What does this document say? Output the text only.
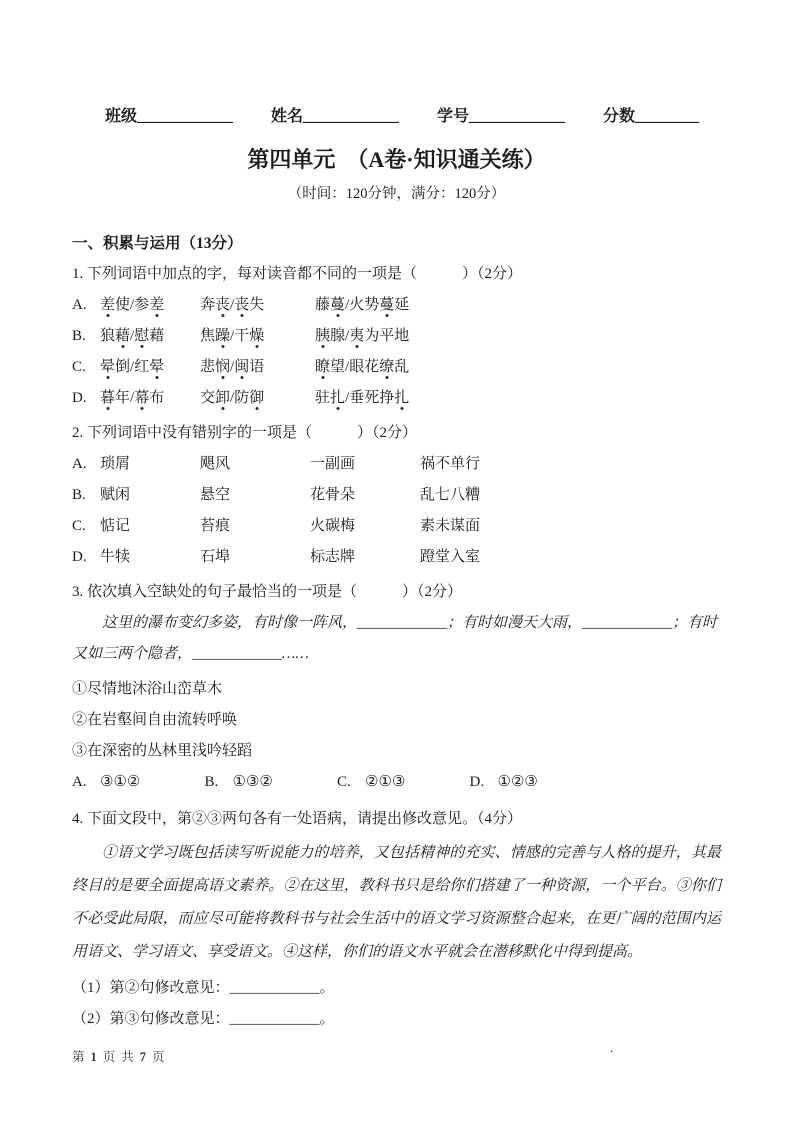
班级____________ 姓名____________ 学号____________ 分数________
第四单元　（A卷·知识通关练）
（时间：120分钟，满分：120分）
一、积累与运用（13分）
1. 下列词语中加点的字，每对读音都不同的一项是（　　　）（2分）
A. 差使/参差	奔丧/丧失	藤蔓/火势蔓延
B. 狼藉/慰藉	焦躁/干燥	胰腺/夷为平地
C. 晕倒/红晕	悲悯/闽语	瞭望/眼花缭乱
D. 暮年/幕布	交卸/防御	驻扎/垂死挣扎
2. 下列词语中没有错别字的一项是（　　　）（2分）
A. 琐屑	飓风	一副画	祸不单行
B. 赋闲	悬空	花骨朵	乱七八糟
C. 惦记	苔痕	火碳梅	素未谋面
D. 牛犊	石埠	标志牌	蹬堂入室
3. 依次填入空缺处的句子最恰当的一项是（　　　）（2分）

这里的瀑布变幻多姿，有时像一阵风，____________；有时如漫天大雨，____________；有时又如三两个隐者，____________……

①尽情地沐浴山峦草木
②在岩壑间自由流转呼唤
③在深密的丛林里浅吟轻蹈
A. ③①②	B. ①③②	C. ②①③	D. ①②③
4. 下面文段中，第②③两句各有一处语病，请提出修改意见。（4分）

①语文学习既包括读写听说能力的培养，又包括精神的充实、情感的完善与人格的提升，其最终目的是要全面提高语文素养。②在这里，教科书只是给你们搭建了一种资源，一个平台。③你们不必受此局限，而应尽可能将教科书与社会生活中的语文学习资源整合起来，在更广阔的范围内运用语文、学习语文、享受语文。④这样，你们的语文水平就会在潜移默化中得到提高。

（1）第②句修改意见：____________。
（2）第③句修改意见：____________。
第 1 页 共 7 页
.
